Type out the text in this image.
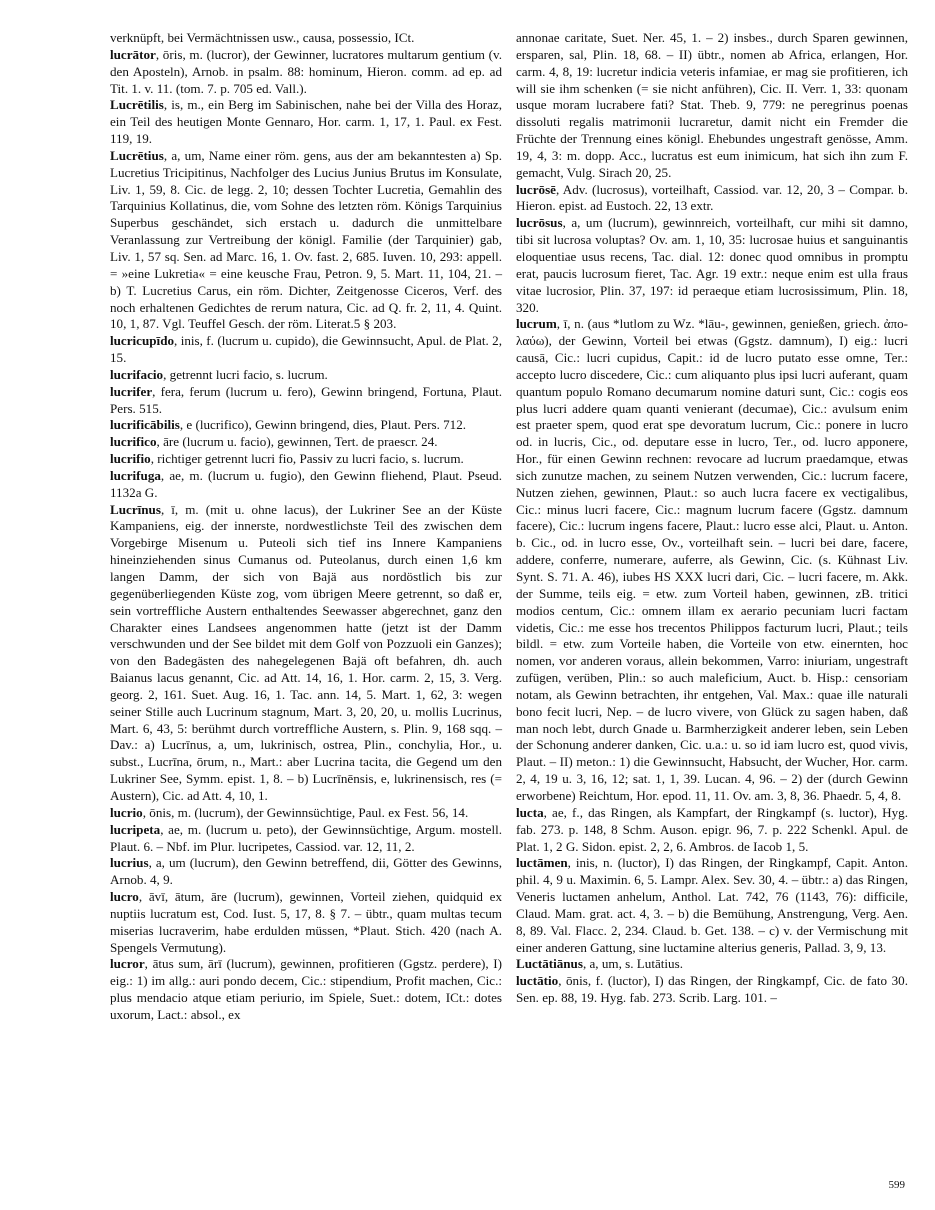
verknüpft, bei Vermächtnissen usw., causa, possessio, ICt.

lucrātor, ōris, m. (lucror), der Gewinner, lucratores multarum gentium (v. den Aposteln), Arnob. in psalm. 88: hominum, Hieron. comm. ad ep. ad Tit. 1. v. 11. (tom. 7. p. 705 ed. Vall.).

Lucrētilis, is, m., ein Berg im Sabinischen, nahe bei der Villa des Horaz, ein Teil des heutigen Monte Gennaro, Hor. carm. 1, 17, 1. Paul. ex Fest. 119, 19.

Lucrētius, a, um, Name einer röm. gens, aus der am bekanntesten a) Sp. Lucretius Tricipitinus, Nachfolger des Lucius Junius Brutus im Konsulate, Liv. 1, 59, 8. Cic. de legg. 2, 10; dessen Tochter Lucretia, Gemahlin des Tarquinius Kollatinus, die, vom Sohne des letzten röm. Königs Tarquinius Superbus geschändet, sich erstach u. dadurch die unmittelbare Veranlassung zur Vertreibung der königl. Familie (der Tarquinier) gab, Liv. 1, 57 sq. Sen. ad Marc. 16, 1. Ov. fast. 2, 685. Iuven. 10, 293: appell. = »eine Lukretia« = eine keusche Frau, Petron. 9, 5. Mart. 11, 104, 21. – b) T. Lucretius Carus, ein röm. Dichter, Zeitgenosse Ciceros, Verf. des noch erhaltenen Gedichtes de rerum natura, Cic. ad Q. fr. 2, 11, 4. Quint. 10, 1, 87. Vgl. Teuffel Gesch. der röm. Literat.5 § 203.

lucricupīdo, inis, f. (lucrum u. cupido), die Gewinnsucht, Apul. de Plat. 2, 15.

lucrifacio, getrennt lucri facio, s. lucrum.

lucrifer, fera, ferum (lucrum u. fero), Gewinn bringend, Fortuna, Plaut. Pers. 515.

lucrificābilis, e (lucrifico), Gewinn bringend, dies, Plaut. Pers. 712.

lucrifico, āre (lucrum u. facio), gewinnen, Tert. de praescr. 24.

lucrifio, richtiger getrennt lucri fio, Passiv zu lucri facio, s. lucrum.

lucrifuga, ae, m. (lucrum u. fugio), den Gewinn fliehend, Plaut. Pseud. 1132a G.

Lucrīnus, ī, m. (mit u. ohne lacus), der Lukriner See an der Küste Kampaniens, eig. der innerste, nordwestlichste Teil des zwischen dem Vorgebirge Misenum u. Puteoli sich tief ins Innere Kampaniens hineinziehenden sinus Cumanus od. Puteolanus, durch einen 1,6 km langen Damm, der sich von Bajä aus nordöstlich bis zur gegenüberliegenden Küste zog, vom übrigen Meere getrennt, so daß er, sein vortreffliche Austern enthaltendes Seewasser abgerechnet, ganz den Charakter eines Landsees angenommen hatte (jetzt ist der Damm verschwunden und der See bildet mit dem Golf von Pozzuoli ein Ganzes); von den Badegästen des nahegelegenen Bajä oft befahren, dh. auch Baianus lacus genannt, Cic. ad Att. 14, 16, 1. Hor. carm. 2, 15, 3. Verg. georg. 2, 161. Suet. Aug. 16, 1. Tac. ann. 14, 5. Mart. 1, 62, 3: wegen seiner Stille auch Lucrinum stagnum, Mart. 3, 20, 20, u. mollis Lucrinus, Mart. 6, 43, 5: berühmt durch vortreffliche Austern, s. Plin. 9, 168 sqq. – Dav.: a) Lucrīnus, a, um, lukrinisch, ostrea, Plin., conchylia, Hor., u. subst., Lucrīna, ōrum, n., Mart.: aber Lucrina tacita, die Gegend um den Lukriner See, Symm. epist. 1, 8. – b) Lucrīnēnsis, e, lukrinensisch, res (= Austern), Cic. ad Att. 4, 10, 1.

lucrio, ōnis, m. (lucrum), der Gewinnsüchtige, Paul. ex Fest. 56, 14.

lucripeta, ae, m. (lucrum u. peto), der Gewinnsüchtige, Argum. mostell. Plaut. 6. – Nbf. im Plur. lucripetes, Cassiod. var. 12, 11, 2.

lucrius, a, um (lucrum), den Gewinn betreffend, dii, Götter des Gewinns, Arnob. 4, 9.

lucro, āvī, ātum, āre (lucrum), gewinnen, Vorteil ziehen, quidquid ex nuptiis lucratum est, Cod. Iust. 5, 17, 8. § 7. – übtr., quam multas tecum miserias lucraverim, habe erdulden müssen, *Plaut. Stich. 420 (nach A. Spengels Vermutung).

lucror, ātus sum, ārī (lucrum), gewinnen, profitieren (Ggstz. perdere), I) eig.: 1) im allg.: auri pondo decem, Cic.: stipendium, Profit machen, Cic.: plus mendacio atque etiam periurio, im Spiele, Suet.: dotem, ICt.: dotes uxorum, Lact.: absol., ex

annonae caritate, Suet. Ner. 45, 1. – 2) insbes., durch Sparen gewinnen, ersparen, sal, Plin. 18, 68. – II) übtr., nomen ab Africa, erlangen, Hor. carm. 4, 8, 19: lucretur indicia veteris infamiae, er mag sie profitieren, ich will sie ihm schenken (= sie nicht anführen), Cic. II. Verr. 1, 33: quonam usque moram lucrabere fati? Stat. Theb. 9, 779: ne peregrinus poenas dissoluti regalis matrimonii lucraretur, damit nicht ein Fremder die Früchte der Trennung eines königl. Ehebundes ungestraft genösse, Amm. 19, 4, 3: m. dopp. Acc., lucratus est eum inimicum, hat sich ihn zum F. gemacht, Vulg. Sirach 20, 25.

lucrōsē, Adv. (lucrosus), vorteilhaft, Cassiod. var. 12, 20, 3 – Compar. b. Hieron. epist. ad Eustoch. 22, 13 extr.

lucrōsus, a, um (lucrum), gewinnreich, vorteilhaft, cur mihi sit damno, tibi sit lucrosa voluptas? Ov. am. 1, 10, 35: lucrosae huius et sanguinantis eloquentiae usus recens, Tac. dial. 12: donec quod omnibus in promptu erat, paucis lucrosum fieret, Tac. Agr. 19 extr.: neque enim est ulla fraus vitae lucrosior, Plin. 37, 197: id peraeque etiam lucrosissimum, Plin. 18, 320.

lucrum, ī, n. (aus *lutlom zu Wz. *lāu-, gewinnen, genießen, griech. ἀπο-λαύω), der Gewinn, Vorteil bei etwas (Ggstz. damnum), I) eig.: lucri causā, Cic.: lucri cupidus, Capit.: id de lucro putato esse omne, Ter.: accepto lucro discedere, Cic.: cum aliquanto plus ipsi lucri auferant, quam quantum populo Romano decumarum nomine daturi sunt, Cic.: cogis eos plus lucri addere quam quanti venierant (decumae), Cic.: avulsum enim est praeter spem, quod erat spe devoratum lucrum, Cic.: ponere in lucro od. in lucris, Cic., od. deputare esse in lucro, Ter., od. lucro apponere, Hor., für einen Gewinn rechnen: revocare ad lucrum praedamque, etwas sich zunutze machen, zu seinem Nutzen verwenden, Cic.: lucrum facere, Nutzen ziehen, gewinnen, Plaut.: so auch lucra facere ex vectigalibus, Cic.: minus lucri facere, Cic.: magnum lucrum facere (Ggstz. damnum facere), Cic.: lucrum ingens facere, Plaut.: lucro esse alci, Plaut. u. Anton. b. Cic., od. in lucro esse, Ov., vorteilhaft sein. – lucri bei dare, facere, addere, conferre, numerare, auferre, als Gewinn, Cic. (s. Kühnast Liv. Synt. S. 71. A. 46), iubes HS XXX lucri dari, Cic. – lucri facere, m. Akk. der Summe, teils eig. = etw. zum Vorteil haben, gewinnen, zB. tritici modios centum, Cic.: omnem illam ex aerario pecuniam lucri factam videtis, Cic.: me esse hos trecentos Philippos facturum lucri, Plaut.; teils bildl. = etw. zum Vorteile haben, die Vorteile von etw. einernten, hoc nomen, vor anderen voraus, allein bekommen, Varro: iniuriam, ungestraft zufügen, verüben, Plin.: so auch maleficium, Auct. b. Hisp.: censoriam notam, als Gewinn betrachten, ihr entgehen, Val. Max.: quae ille naturali bono fecit lucri, Nep. – de lucro vivere, von Glück zu sagen haben, daß man noch lebt, durch Gnade u. Barmherzigkeit anderer leben, sein Leben der Schonung anderer danken, Cic. u.a.: u. so id iam lucro est, quod vivis, Plaut. – II) meton.: 1) die Gewinnsucht, Habsucht, der Wucher, Hor. carm. 2, 4, 19 u. 3, 16, 12; sat. 1, 1, 39. Lucan. 4, 96. – 2) der (durch Gewinn erworbene) Reichtum, Hor. epod. 11, 11. Ov. am. 3, 8, 36. Phaedr. 5, 4, 8.

lucta, ae, f., das Ringen, als Kampfart, der Ringkampf (s. luctor), Hyg. fab. 273. p. 148, 8 Schm. Auson. epigr. 96, 7. p. 222 Schenkl. Apul. de Plat. 1, 2 G. Sidon. epist. 2, 2, 6. Ambros. de Iacob 1, 5.

luctāmen, inis, n. (luctor), I) das Ringen, der Ringkampf, Capit. Anton. phil. 4, 9 u. Maximin. 6, 5. Lampr. Alex. Sev. 30, 4. – übtr.: a) das Ringen, Veneris luctamen anhelum, Anthol. Lat. 742, 76 (1143, 76): difficile, Claud. Mam. grat. act. 4, 3. – b) die Bemühung, Anstrengung, Verg. Aen. 8, 89. Val. Flacc. 2, 234. Claud. b. Get. 138. – c) v. der Vermischung mit einer anderen Gattung, sine luctamine alterius generis, Pallad. 3, 9, 13.

Luctātiānus, a, um, s. Lutātius.

luctātio, ōnis, f. (luctor), I) das Ringen, der Ringkampf, Cic. de fato 30. Sen. ep. 88, 19. Hyg. fab. 273. Scrib. Larg. 101. –

599
